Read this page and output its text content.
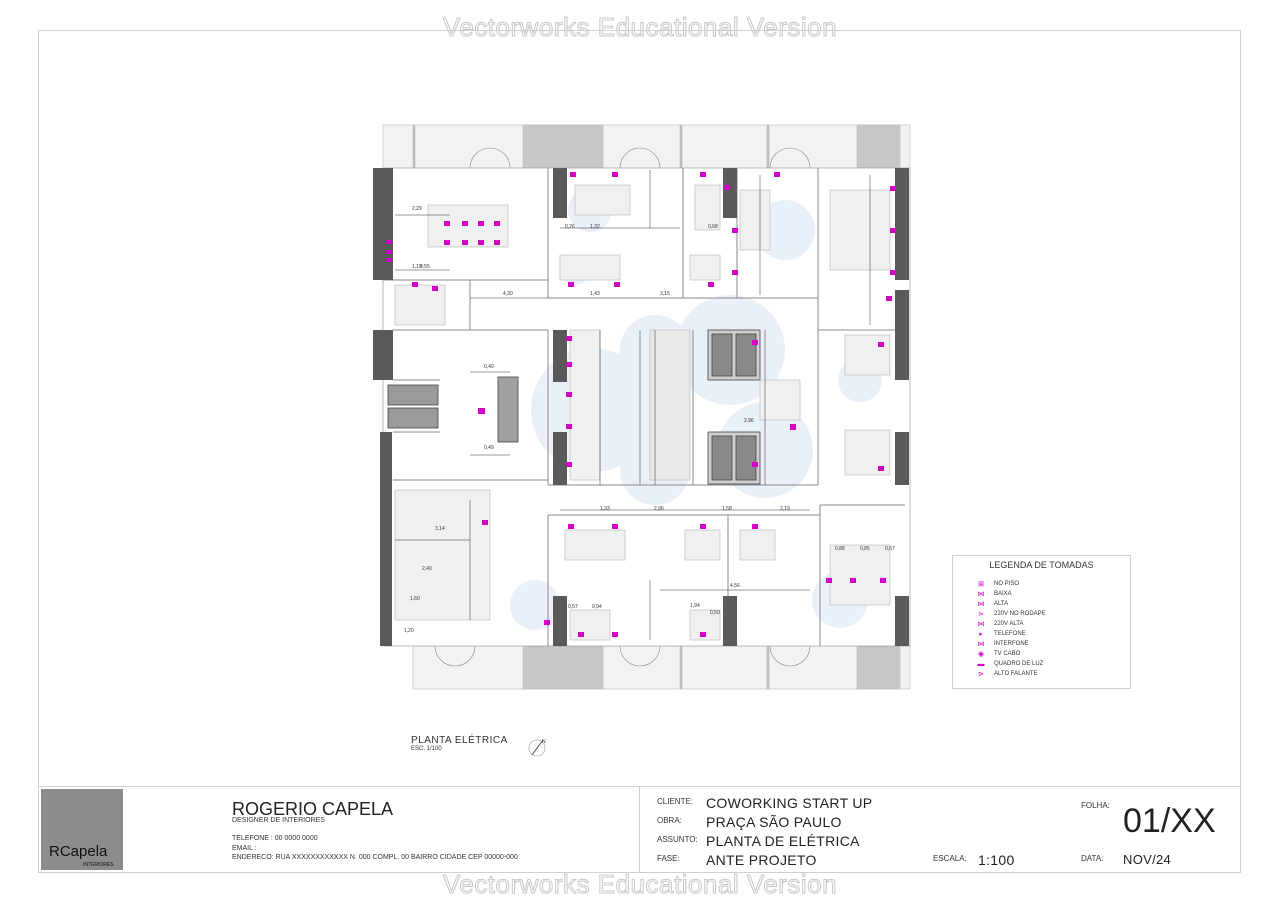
Vectorworks Educational Version
2,29
1,19
0,55
4,30	1,43	3,15
0,26	1,32	0,68
1,33	2,96	1,58	2,19
3,14
2,40
1,60
1,20
0,49
0,49
0,57	0,94	1,94
0,50
4,56
2,96
0,88	0,85	0,67
LEGENDA DE TOMADAS
⊠ NO PISO
⋈ BAIXA
⋈ ALTA
⋗ 220V NO RODAPE
⋈ 220V ALTA
▸	TELEFONE
⋈ INTERFONE
◉ TV CABO
▬ QUADRO DE LUZ
⊳ ALTO FALANTE
PLANTA ELÉTRICA
ESC. 1/100
N
RCapela
INTERIORES
ROGERIO CAPELA
DESIGNER DE INTERIORES
TELEFONE : 00 0000 0000
EMAIL :
ENDERECO: RUA XXXXXXXXXXXX N. 000 COMPL. 00 BAIRRO CIDADE CEP 00000-000
CLIENTE: COWORKING START UP
OBRA: PRAÇA SÃO PAULO
ASSUNTO: PLANTA DE ELÉTRICA
FASE: ANTE PROJETO	ESCALA: 1:100
FOLHA: 01/XX
DATA: NOV/24
Vectorworks Educational Version
